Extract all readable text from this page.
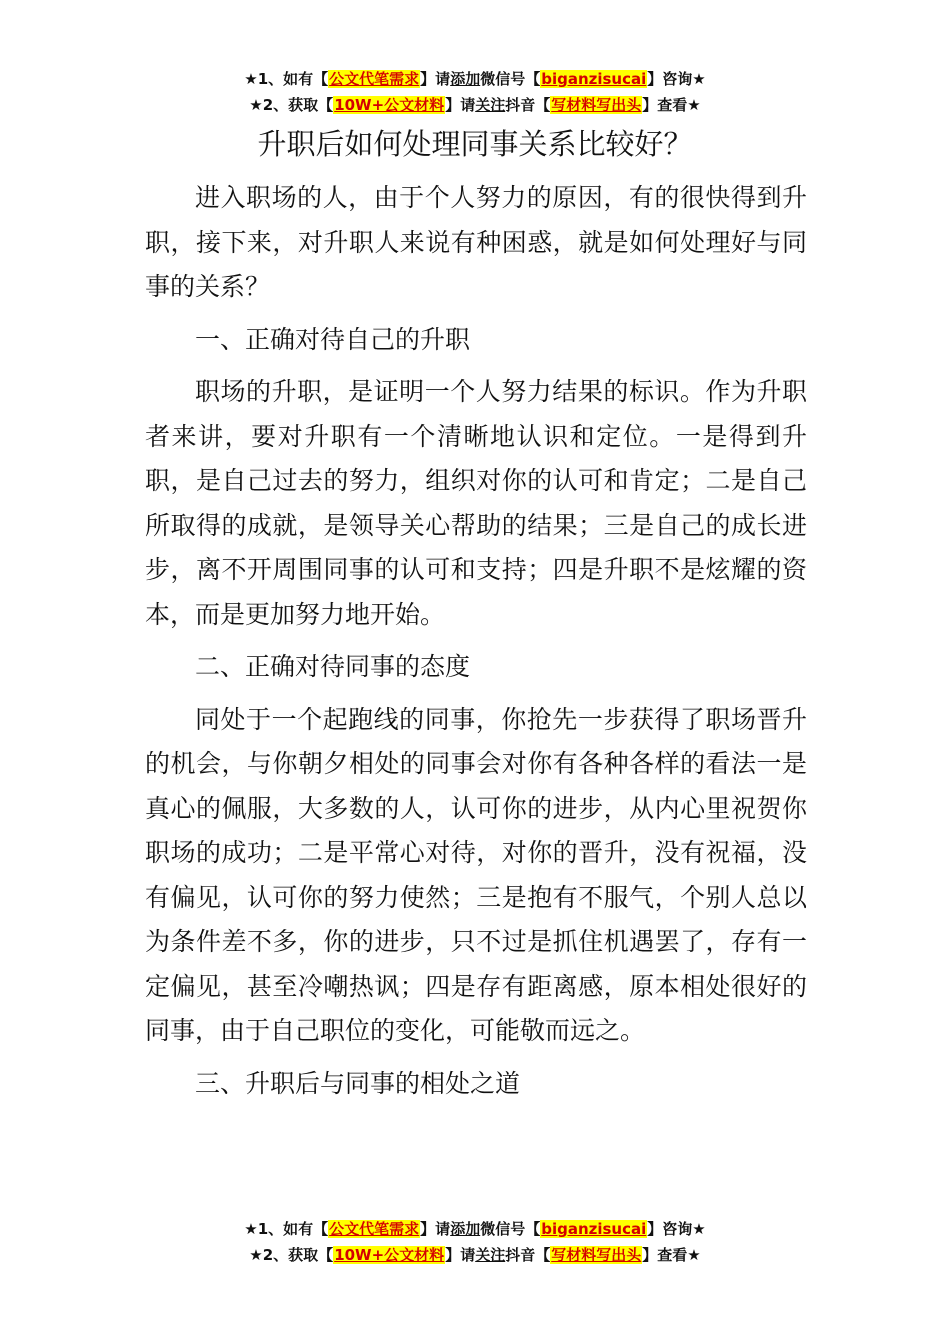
★1、如有【公文代笔需求】请添加微信号【biganzisucai】咨询★
★2、获取【10W+公文材料】请关注抖音【写材料写出头】查看★
升职后如何处理同事关系比较好？

进入职场的人，由于个人努力的原因，有的很快得到升职，接下来，对升职人来说有种困惑，就是如何处理好与同事的关系？

一、正确对待自己的升职

职场的升职，是证明一个人努力结果的标识。作为升职者来讲，要对升职有一个清晰地认识和定位。一是得到升职，是自己过去的努力，组织对你的认可和肯定；二是自己所取得的成就，是领导关心帮助的结果；三是自己的成长进步，离不开周围同事的认可和支持；四是升职不是炫耀的资本，而是更加努力地开始。

二、正确对待同事的态度

同处于一个起跑线的同事，你抢先一步获得了职场晋升的机会，与你朝夕相处的同事会对你有各种各样的看法一是真心的佩服，大多数的人，认可你的进步，从内心里祝贺你职场的成功；二是平常心对待，对你的晋升，没有祝福，没有偏见，认可你的努力使然；三是抱有不服气，个别人总以为条件差不多，你的进步，只不过是抓住机遇罢了，存有一定偏见，甚至冷嘲热讽；四是存有距离感，原本相处很好的同事，由于自己职位的变化，可能敬而远之。

三、升职后与同事的相处之道

★1、如有【公文代笔需求】请添加微信号【biganzisucai】咨询★
★2、获取【10W+公文材料】请关注抖音【写材料写出头】查看★
